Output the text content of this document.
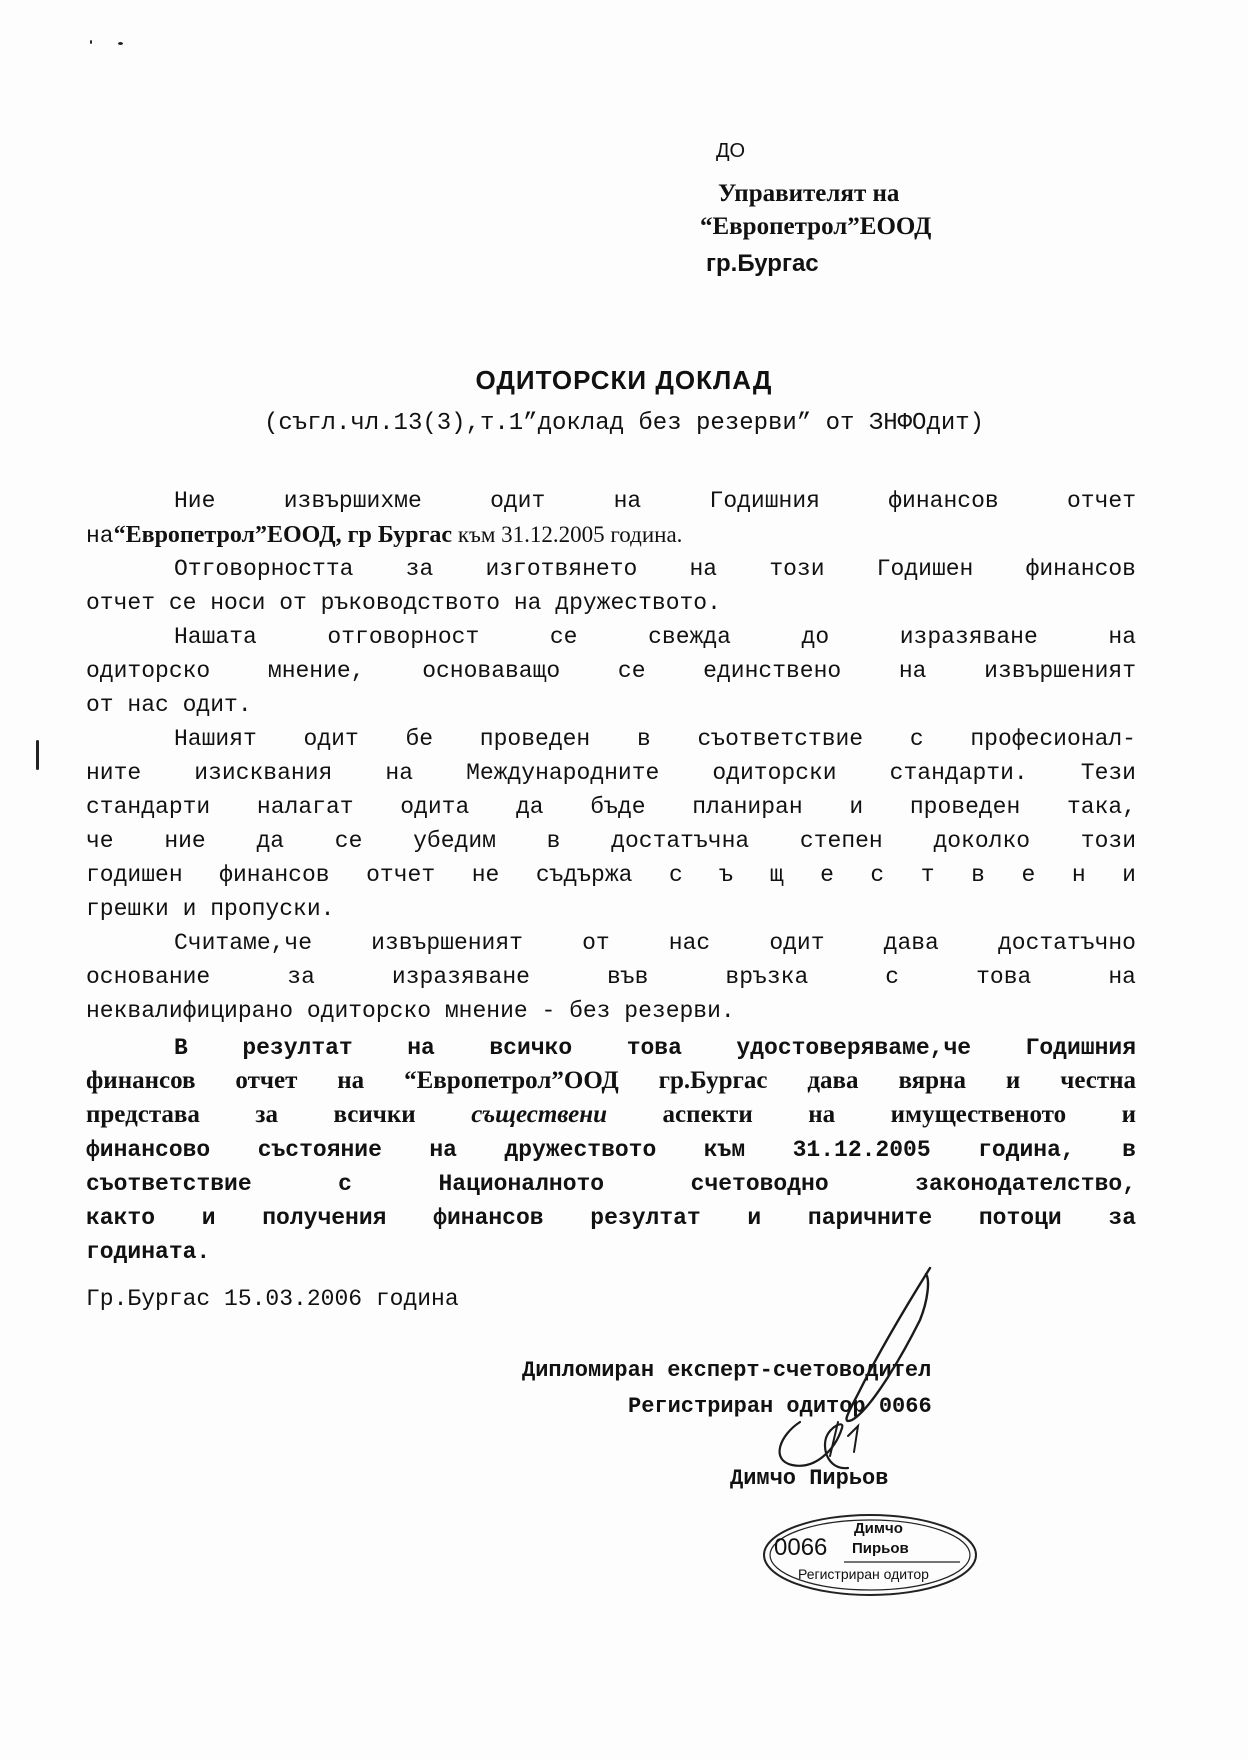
ДО
Управителят на
“Европетрол”ЕООД
гр.Бургас
ОДИТОРСКИ ДОКЛАД
(съгл.чл.13(3),т.1”доклад без резерви” от ЗНФОдит)
Ние извършихме одит на Годишния финансов отчет
на“Европетрол”ЕООД, гр Бургас към 31.12.2005 година.
Отговорността за изготвянето на този Годишен финансов
отчет се носи от ръководството на дружеството.
Нашата отговорност се свежда до изразяване на
одиторско мнение, основаващо се единствено на извършеният
от нас одит.
Нашият одит бе проведен в съответствие с професионал-
ните изисквания на Международните одиторски стандарти. Тези
стандарти налагат одита да бъде планиран и проведен така,
че ние да се убедим в достатъчна степен доколко този
годишен финансов отчет не съдържа с ъ щ е с т в е н и
грешки и пропуски.
Считаме,че извършеният от нас одит дава достатъчно
основание за изразяване във връзка с това на
неквалифицирано одиторско мнение - без резерви.
В резултат на всичко това удостоверяваме,че Годишния
финансов отчет на “Европетрол”ООД гр.Бургас дава вярна и честна
представа за всички съществени аспекти на имущественото и
финансово състояние на дружеството към 31.12.2005 година, в
съответствие с Националното счетоводно законодателство,
както и получения финансов резултат и паричните потоци за
годината.
Гр.Бургас 15.03.2006 година
Дипломиран експерт-счетоводител
Регистриран одитор 0066
Димчо Пирьов
0066
Димчо
Пирьов
Регистриран одитор
